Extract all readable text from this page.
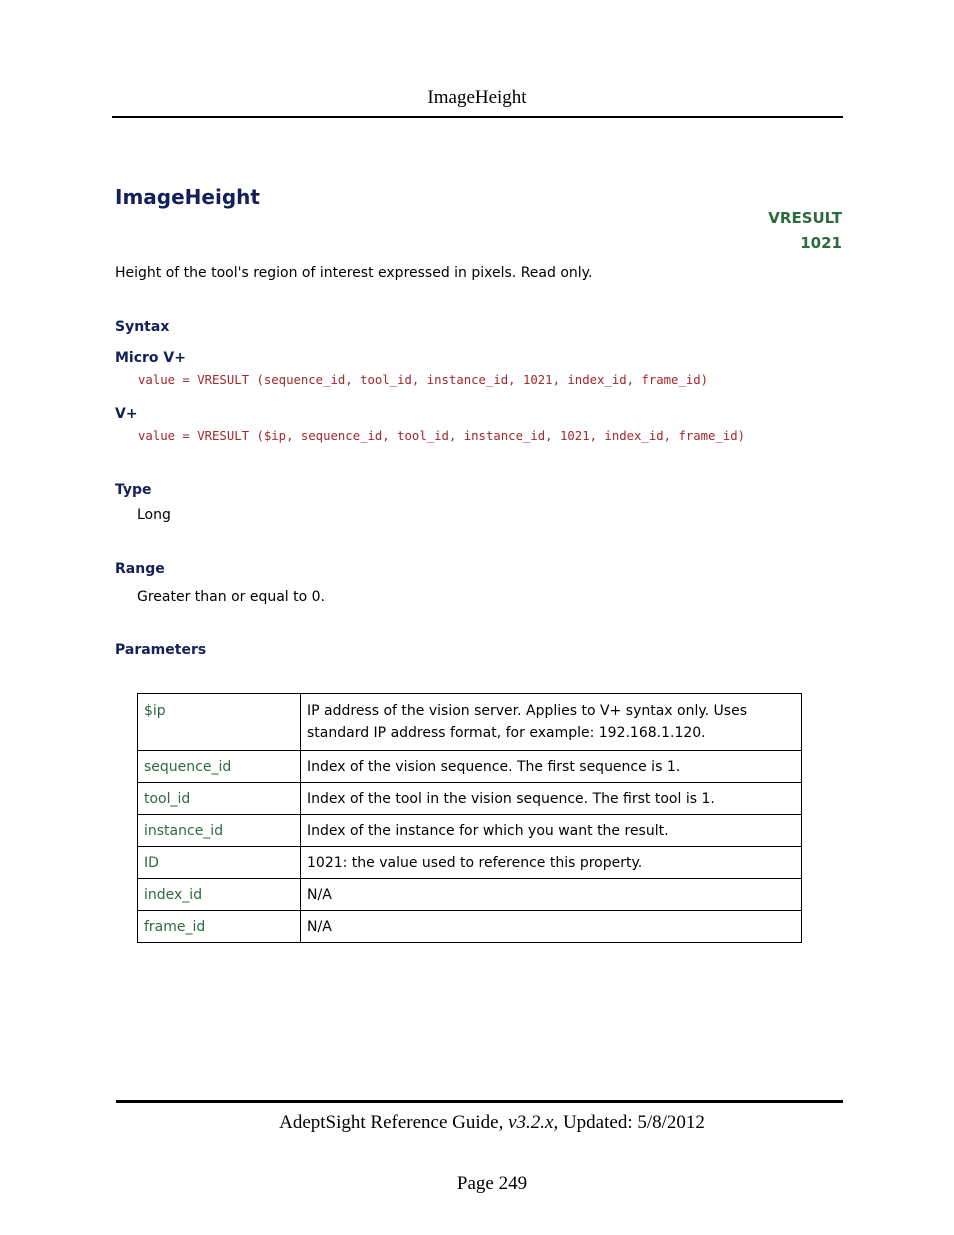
ImageHeight
ImageHeight
VRESULT
1021
Height of the tool's region of interest expressed in pixels. Read only.
Syntax
Micro V+
value = VRESULT (sequence_id, tool_id, instance_id, 1021, index_id, frame_id)
V+
value = VRESULT ($ip, sequence_id, tool_id, instance_id, 1021, index_id, frame_id)
Type
Long
Range
Greater than or equal to 0.
Parameters
$ip	IP address of the vision server. Applies to V+ syntax only. Uses standard IP address format, for example: 192.168.1.120.
sequence_id	Index of the vision sequence. The first sequence is 1.
tool_id	Index of the tool in the vision sequence. The first tool is 1.
instance_id	Index of the instance for which you want the result.
ID	1021: the value used to reference this property.
index_id	N/A
frame_id	N/A
AdeptSight Reference Guide, v3.2.x, Updated: 5/8/2012
Page 249
